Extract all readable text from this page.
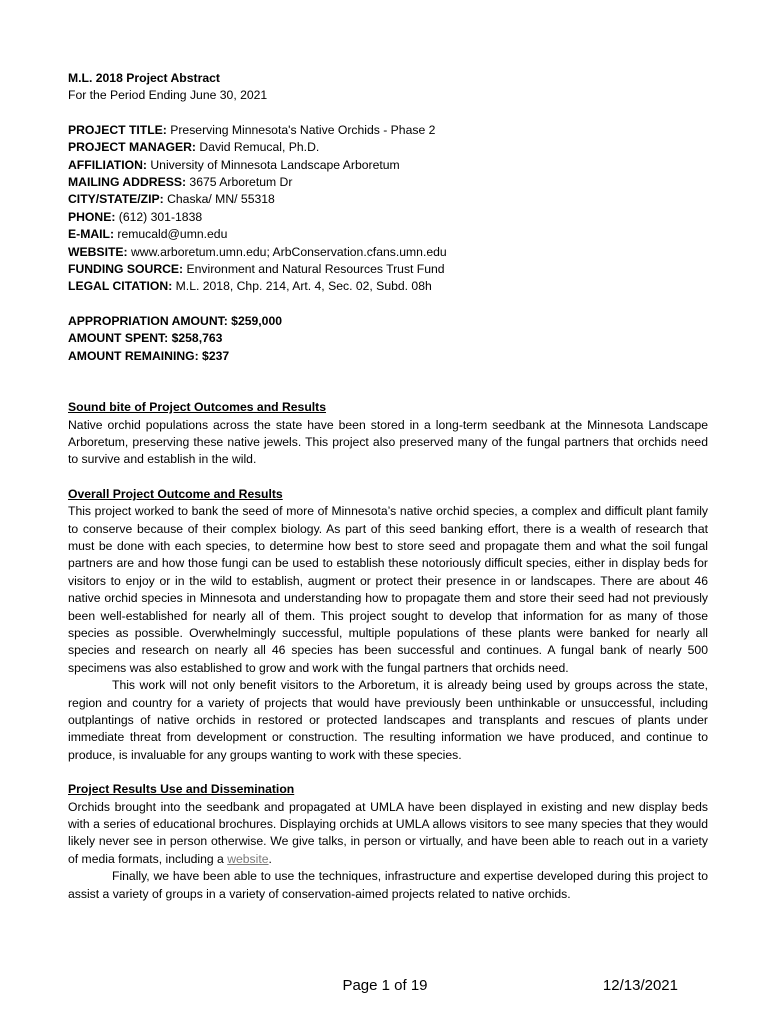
M.L. 2018 Project Abstract
For the Period Ending June 30, 2021
PROJECT TITLE: Preserving Minnesota's Native Orchids - Phase 2
PROJECT MANAGER: David Remucal, Ph.D.
AFFILIATION: University of Minnesota Landscape Arboretum
MAILING ADDRESS: 3675 Arboretum Dr
CITY/STATE/ZIP: Chaska/ MN/ 55318
PHONE: (612) 301-1838
E-MAIL: remucald@umn.edu
WEBSITE: www.arboretum.umn.edu; ArbConservation.cfans.umn.edu
FUNDING SOURCE: Environment and Natural Resources Trust Fund
LEGAL CITATION: M.L. 2018, Chp. 214, Art. 4, Sec. 02, Subd. 08h
APPROPRIATION AMOUNT: $259,000
AMOUNT SPENT: $258,763
AMOUNT REMAINING: $237
Sound bite of Project Outcomes and Results
Native orchid populations across the state have been stored in a long-term seedbank at the Minnesota Landscape Arboretum, preserving these native jewels. This project also preserved many of the fungal partners that orchids need to survive and establish in the wild.
Overall Project Outcome and Results
This project worked to bank the seed of more of Minnesota’s native orchid species, a complex and difficult plant family to conserve because of their complex biology. As part of this seed banking effort, there is a wealth of research that must be done with each species, to determine how best to store seed and propagate them and what the soil fungal partners are and how those fungi can be used to establish these notoriously difficult species, either in display beds for visitors to enjoy or in the wild to establish, augment or protect their presence in or landscapes. There are about 46 native orchid species in Minnesota and understanding how to propagate them and store their seed had not previously been well-established for nearly all of them. This project sought to develop that information for as many of those species as possible. Overwhelmingly successful, multiple populations of these plants were banked for nearly all species and research on nearly all 46 species has been successful and continues. A fungal bank of nearly 500 specimens was also established to grow and work with the fungal partners that orchids need.
This work will not only benefit visitors to the Arboretum, it is already being used by groups across the state, region and country for a variety of projects that would have previously been unthinkable or unsuccessful, including outplantings of native orchids in restored or protected landscapes and transplants and rescues of plants under immediate threat from development or construction. The resulting information we have produced, and continue to produce, is invaluable for any groups wanting to work with these species.
Project Results Use and Dissemination
Orchids brought into the seedbank and propagated at UMLA have been displayed in existing and new display beds with a series of educational brochures. Displaying orchids at UMLA allows visitors to see many species that they would likely never see in person otherwise. We give talks, in person or virtually, and have been able to reach out in a variety of media formats, including a website.
Finally, we have been able to use the techniques, infrastructure and expertise developed during this project to assist a variety of groups in a variety of conservation-aimed projects related to native orchids.
Page 1 of 19	12/13/2021
